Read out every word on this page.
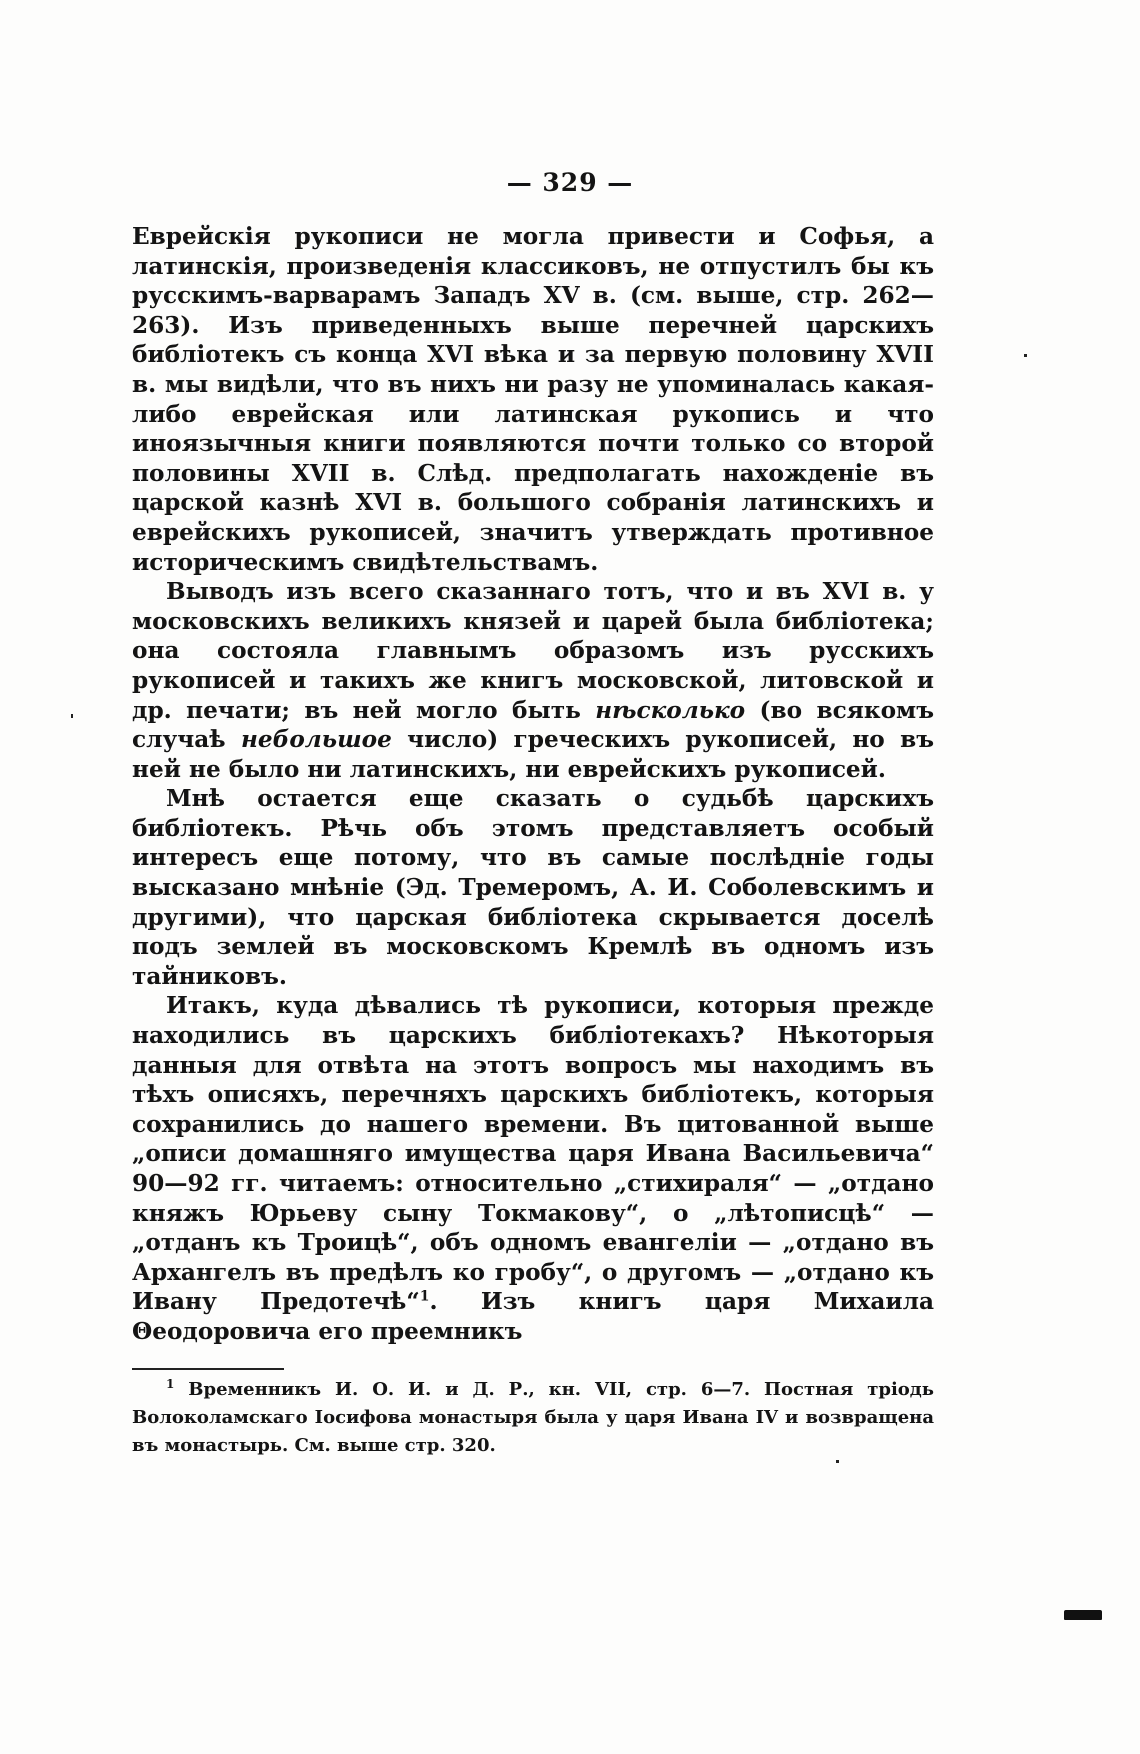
— 329 —

Еврейскія рукописи не могла привести и Софья, а латинскія, произведенія классиковъ, не отпустилъ бы къ русскимъ-варварамъ Западъ XV в. (см. выше, стр. 262—263). Изъ приведенныхъ выше перечней царскихъ библіотекъ съ конца XVI вѣка и за первую половину XVII в. мы видѣли, что въ нихъ ни разу не упоминалась какая-либо еврейская или латинская рукопись и что иноязычныя книги появляются почти только со второй половины XVII в. Слѣд. предполагать нахожденіе въ царской казнѣ XVI в. большого собранія латинскихъ и еврейскихъ рукописей, значитъ утверждать противное историческимъ свидѣтельствамъ.

Выводъ изъ всего сказаннаго тотъ, что и въ XVI в. у московскихъ великихъ князей и царей была библіотека; она состояла главнымъ образомъ изъ русскихъ рукописей и такихъ же книгъ московской, литовской и др. печати; въ ней могло быть нѣсколько (во всякомъ случаѣ небольшое число) греческихъ рукописей, но въ ней не было ни латинскихъ, ни еврейскихъ рукописей.

Мнѣ остается еще сказать о судьбѣ царскихъ библіотекъ. Рѣчь объ этомъ представляетъ особый интересъ еще потому, что въ самые послѣдніе годы высказано мнѣніе (Эд. Тремеромъ, А. И. Соболевскимъ и другими), что царская библіотека скрывается доселѣ подъ землей въ московскомъ Кремлѣ въ одномъ изъ тайниковъ.

Итакъ, куда дѣвались тѣ рукописи, которыя прежде находились въ царскихъ библіотекахъ? Нѣкоторыя данныя для отвѣта на этотъ вопросъ мы находимъ въ тѣхъ описяхъ, перечняхъ царскихъ библіотекъ, которыя сохранились до нашего времени. Въ цитованной выше „описи домашняго имущества царя Ивана Васильевича“ 90—92 гг. читаемъ: относительно „стихираля“ — „отдано княжъ Юрьеву сыну Токмакову“, о „лѣтописцѣ“ — „отданъ къ Троицѣ“, объ одномъ евангеліи — „отдано въ Архангелъ въ предѣлъ ко гробу“, о другомъ — „отдано къ Ивану Предотечѣ“$^1$. Изъ книгъ царя Михаила Θеодоровича его преемникъ

$^1$ Временникъ И. О. И. и Д. Р., кн. VII, стр. 6—7. Постная тріодь Волоколамскаго Іосифова монастыря была у царя Ивана IV и возвращена въ монастырь. См. выше стр. 320.
